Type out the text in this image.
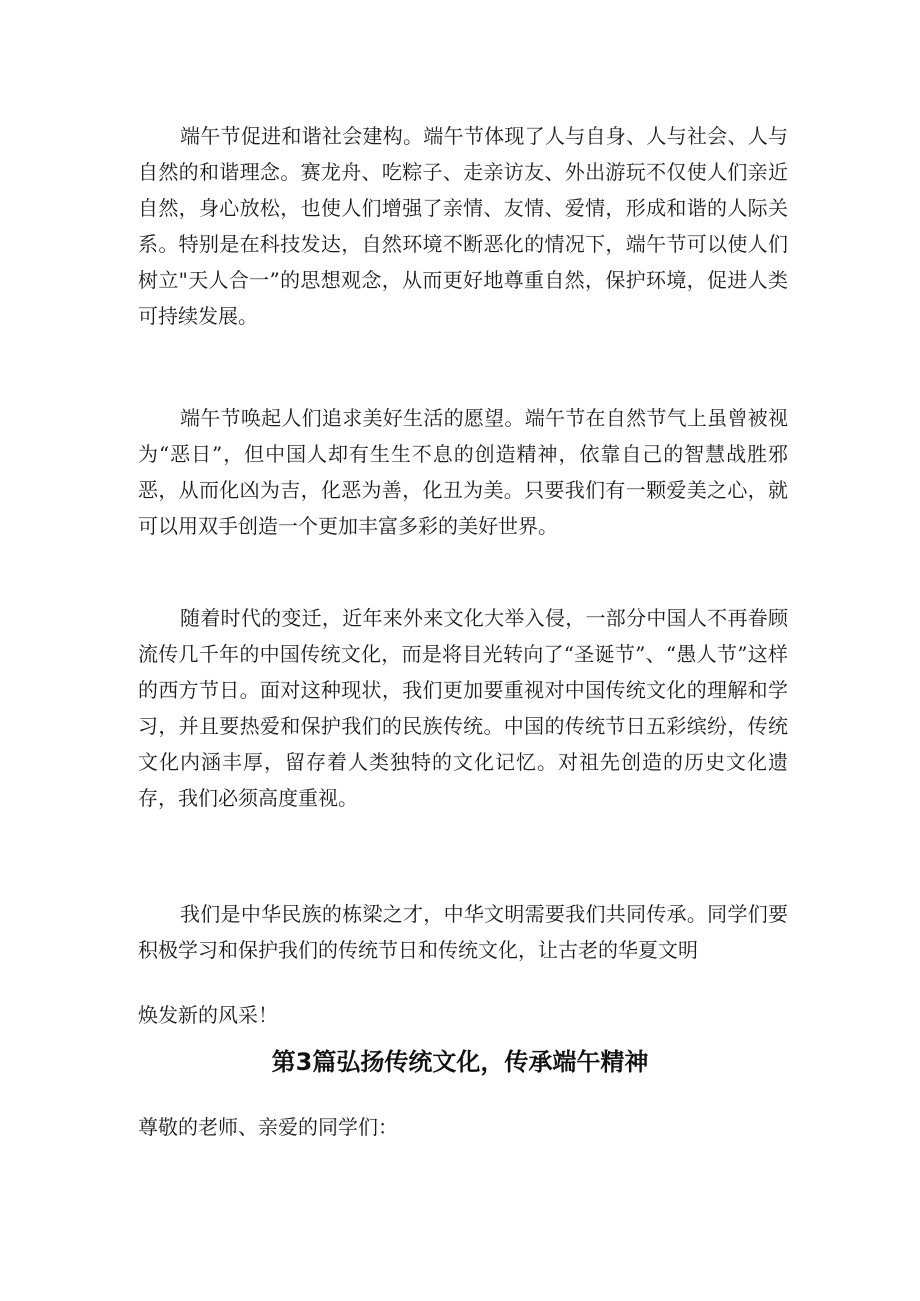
端午节促进和谐社会建构。端午节体现了人与自身、人与社会、人与自然的和谐理念。赛龙舟、吃粽子、走亲访友、外出游玩不仅使人们亲近自然，身心放松，也使人们增强了亲情、友情、爱情，形成和谐的人际关系。特别是在科技发达，自然环境不断恶化的情况下，端午节可以使人们树立"天人合一”的思想观念，从而更好地尊重自然，保护环境，促进人类可持续发展。

端午节唤起人们追求美好生活的愿望。端午节在自然节气上虽曾被视为“恶日”，但中国人却有生生不息的创造精神，依靠自己的智慧战胜邪恶，从而化凶为吉，化恶为善，化丑为美。只要我们有一颗爱美之心，就可以用双手创造一个更加丰富多彩的美好世界。

随着时代的变迁，近年来外来文化大举入侵，一部分中国人不再眷顾流传几千年的中国传统文化，而是将目光转向了“圣诞节”、“愚人节”这样的西方节日。面对这种现状，我们更加要重视对中国传统文化的理解和学习，并且要热爱和保护我们的民族传统。中国的传统节日五彩缤纷，传统文化内涵丰厚，留存着人类独特的文化记忆。对祖先创造的历史文化遗存，我们必须高度重视。

我们是中华民族的栋梁之才，中华文明需要我们共同传承。同学们要积极学习和保护我们的传统节日和传统文化，让古老的华夏文明

焕发新的风采！
第3篇弘扬传统文化，传承端午精神
尊敬的老师、亲爱的同学们：
